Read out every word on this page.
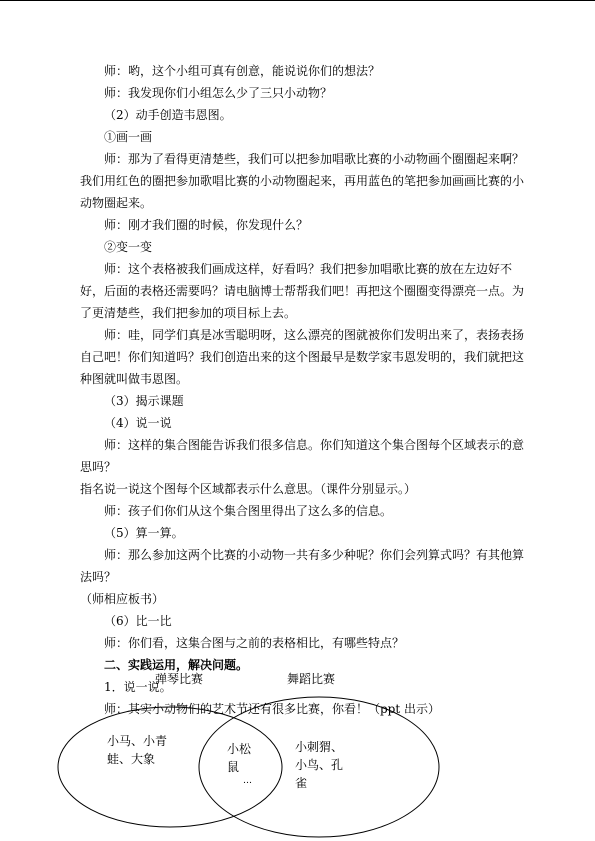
师：哟，这个小组可真有创意，能说说你们的想法？

师：我发现你们小组怎么少了三只小动物？

（2）动手创造韦恩图。

①画一画

师：那为了看得更清楚些，我们可以把参加唱歌比赛的小动物画个圈圈起来啊？我们用红色的圈把参加歌唱比赛的小动物圈起来，再用蓝色的笔把参加画画比赛的小动物圈起来。

师：刚才我们圈的时候，你发现什么？

②变一变

师：这个表格被我们画成这样，好看吗？我们把参加唱歌比赛的放在左边好不好，后面的表格还需要吗？请电脑博士帮帮我们吧！再把这个圈圈变得漂亮一点。为了更清楚些，我们把参加的项目标上去。

师：哇，同学们真是冰雪聪明呀，这么漂亮的图就被你们发明出来了，表扬表扬自己吧！你们知道吗？我们创造出来的这个图最早是数学家韦恩发明的，我们就把这种图就叫做韦恩图。

（3）揭示课题

（4）说一说

师：这样的集合图能告诉我们很多信息。你们知道这个集合图每个区域表示的意思吗？

指名说一说这个图每个区域都表示什么意思。（课件分别显示。）

师：孩子们你们从这个集合图里得出了这么多的信息。

（5）算一算。

师：那么参加这两个比赛的小动物一共有多少种呢？你们会列算式吗？有其他算法吗？

（师相应板书）

（6）比一比

师：你们看，这集合图与之前的表格相比，有哪些特点？

二、实践运用，解决问题。

1．说一说。

师：其实小动物们的艺术节还有很多比赛，你看！（ppt 出示）

弹琴比赛	舞蹈比赛
小马、小青
蛙、大象
小松
鼠
…
小刺猬、
小鸟、孔
雀
